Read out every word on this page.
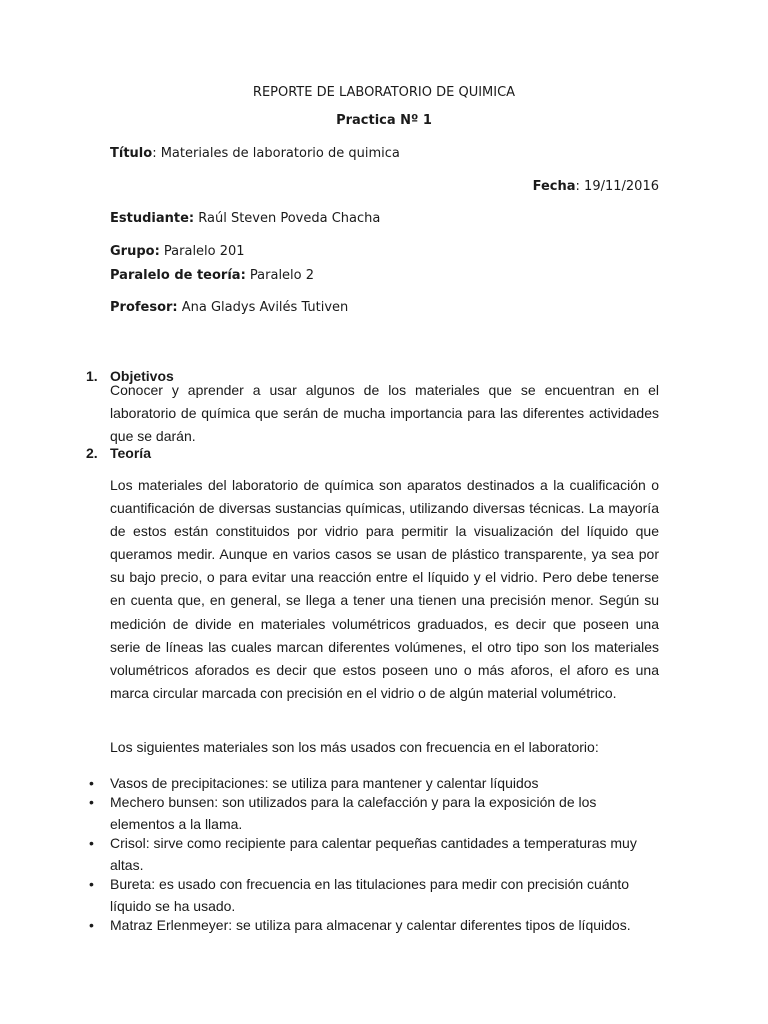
REPORTE DE LABORATORIO DE QUIMICA
Practica Nº 1
Título: Materiales de laboratorio de quimica
Fecha: 19/11/2016
Estudiante: Raúl Steven Poveda Chacha
Grupo: Paralelo 201
Paralelo de teoría: Paralelo 2
Profesor: Ana Gladys Avilés Tutiven
1. Objetivos
Conocer y aprender a usar algunos de los materiales que se encuentran en el laboratorio de química que serán de mucha importancia para las diferentes actividades que se darán.
2. Teoría
Los materiales del laboratorio de química son aparatos destinados a la cualificación o cuantificación de diversas sustancias químicas, utilizando diversas técnicas. La mayoría de estos están constituidos por vidrio para permitir la visualización del líquido que queramos medir. Aunque en varios casos se usan de plástico transparente, ya sea por su bajo precio, o para evitar una reacción entre el líquido y el vidrio. Pero debe tenerse en cuenta que, en general, se llega a tener una tienen una precisión menor. Según su medición de divide en materiales volumétricos graduados, es decir que poseen una serie de líneas las cuales marcan diferentes volúmenes, el otro tipo son los materiales volumétricos aforados es decir que estos poseen uno o más aforos, el aforo es una marca circular marcada con precisión en el vidrio o de algún material volumétrico.
Los siguientes materiales son los más usados con frecuencia en el laboratorio:
• Vasos de precipitaciones: se utiliza para mantener y calentar líquidos
• Mechero bunsen: son utilizados para la calefacción y para la exposición de los elementos a la llama.
• Crisol: sirve como recipiente para calentar pequeñas cantidades a temperaturas muy altas.
• Bureta: es usado con frecuencia en las titulaciones para medir con precisión cuánto líquido se ha usado.
• Matraz Erlenmeyer: se utiliza para almacenar y calentar diferentes tipos de líquidos.
